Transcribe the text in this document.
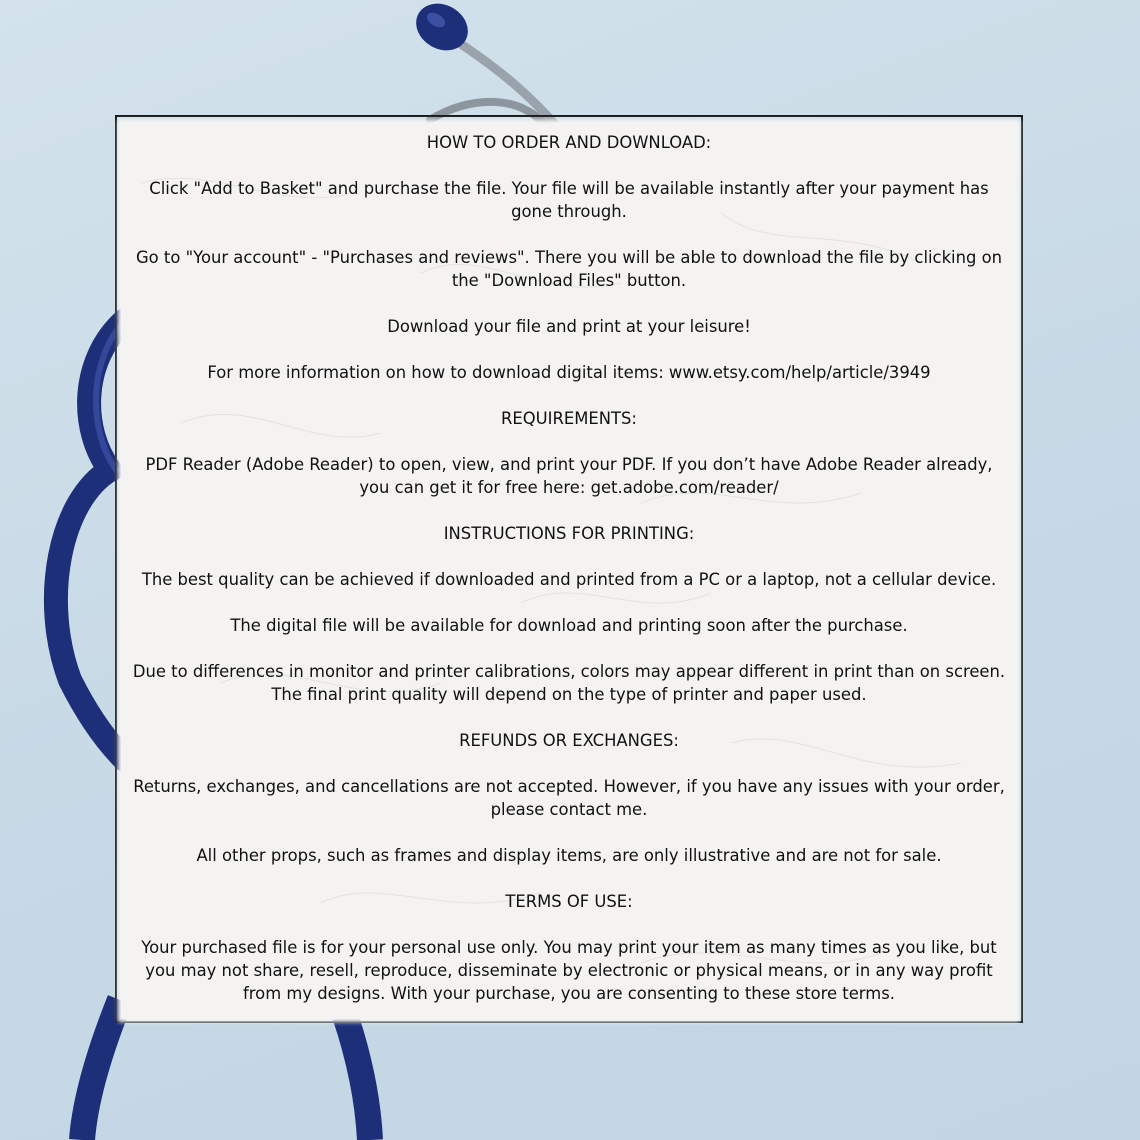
HOW TO ORDER AND DOWNLOAD:

Click "Add to Basket" and purchase the file. Your file will be available instantly after your payment has gone through.

Go to "Your account" - "Purchases and reviews". There you will be able to download the file by clicking on the "Download Files" button.

Download your file and print at your leisure!

For more information on how to download digital items: www.etsy.com/help/article/3949

REQUIREMENTS:

PDF Reader (Adobe Reader) to open, view, and print your PDF. If you don’t have Adobe Reader already, you can get it for free here: get.adobe.com/reader/

INSTRUCTIONS FOR PRINTING:

The best quality can be achieved if downloaded and printed from a PC or a laptop, not a cellular device.

The digital file will be available for download and printing soon after the purchase.

Due to differences in monitor and printer calibrations, colors may appear different in print than on screen. The final print quality will depend on the type of printer and paper used.

REFUNDS OR EXCHANGES:

Returns, exchanges, and cancellations are not accepted. However, if you have any issues with your order, please contact me.

All other props, such as frames and display items, are only illustrative and are not for sale.

TERMS OF USE:

Your purchased file is for your personal use only. You may print your item as many times as you like, but you may not share, resell, reproduce, disseminate by electronic or physical means, or in any way profit from my designs. With your purchase, you are consenting to these store terms.
